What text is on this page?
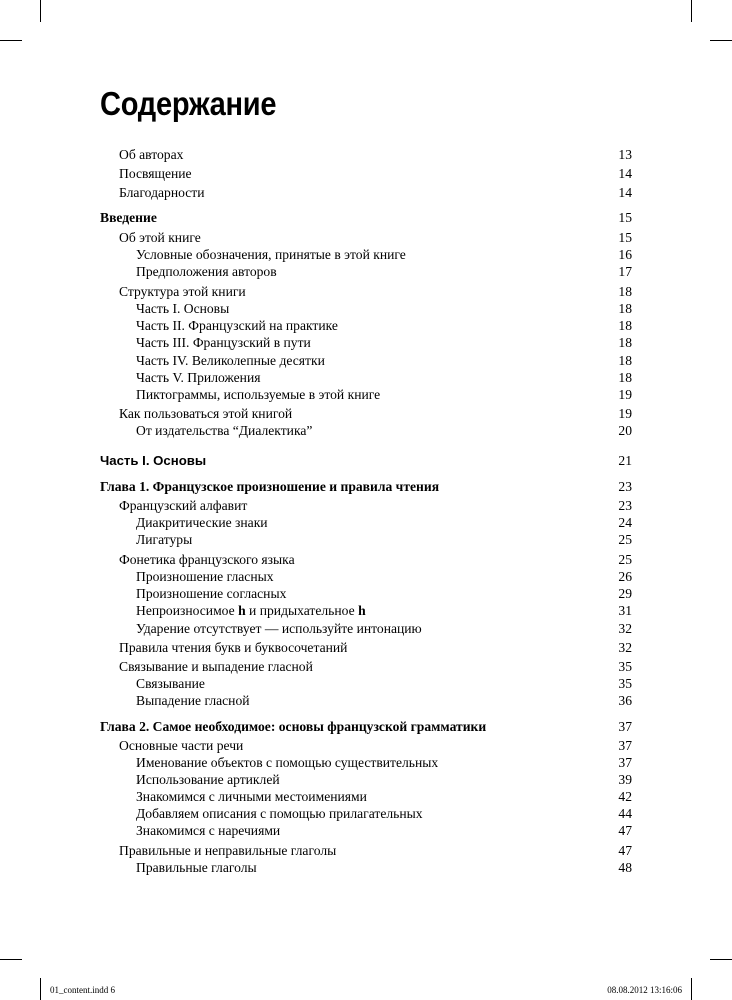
Содержание
Об авторах	13
Посвящение	14
Благодарности	14
Введение	15
Об этой книге	15
Условные обозначения, принятые в этой книге	16
Предположения авторов	17
Структура этой книги	18
Часть I. Основы	18
Часть II. Французский на практике	18
Часть III. Французский в пути	18
Часть IV. Великолепные десятки	18
Часть V. Приложения	18
Пиктограммы, используемые в этой книге	19
Как пользоваться этой книгой	19
От издательства “Диалектика”	20
Часть I. Основы	21
Глава 1. Французское произношение и правила чтения	23
Французский алфавит	23
Диакритические знаки	24
Лигатуры	25
Фонетика французского языка	25
Произношение гласных	26
Произношение согласных	29
Непроизносимое h и придыхательное h	31
Ударение отсутствует — используйте интонацию	32
Правила чтения букв и буквосочетаний	32
Связывание и выпадение гласной	35
Связывание	35
Выпадение гласной	36
Глава 2. Самое необходимое: основы французской грамматики	37
Основные части речи	37
Именование объектов с помощью существительных	37
Использование артиклей	39
Знакомимся с личными местоимениями	42
Добавляем описания с помощью прилагательных	44
Знакомимся с наречиями	47
Правильные и неправильные глаголы	47
Правильные глаголы	48
01_content.indd 6	08.08.2012 13:16:06
